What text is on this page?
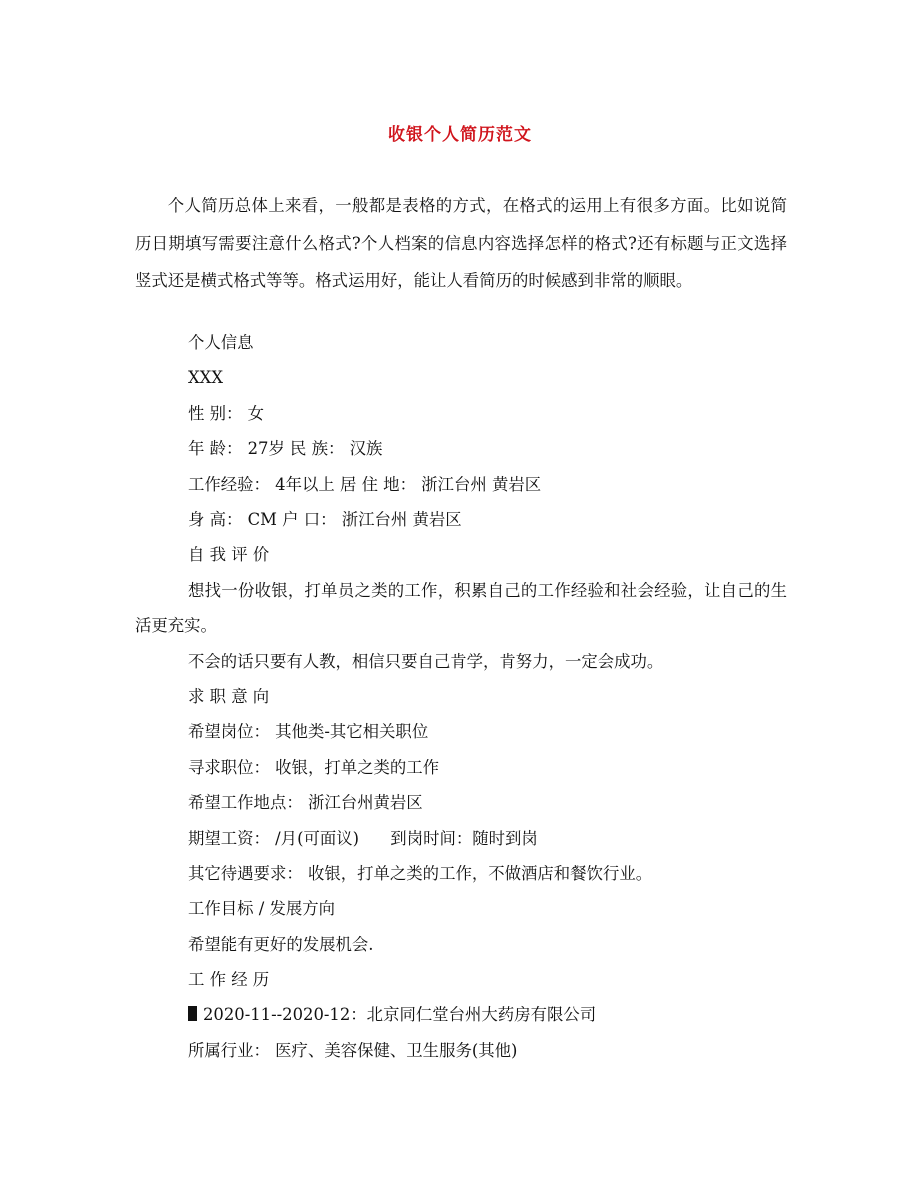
收银个人简历范文

个人简历总体上来看，一般都是表格的方式，在格式的运用上有很多方面。比如说简历日期填写需要注意什么格式?个人档案的信息内容选择怎样的格式?还有标题与正文选择竖式还是横式格式等等。格式运用好，能让人看简历的时候感到非常的顺眼。

个人信息
XXX
性 别： 女
年 龄： 27岁 民 族： 汉族
工作经验： 4年以上 居 住 地： 浙江台州 黄岩区
身 高： CM 户 口： 浙江台州 黄岩区
自 我 评 价

想找一份收银，打单员之类的工作，积累自己的工作经验和社会经验，让自己的生活更充实。

不会的话只要有人教，相信只要自己肯学，肯努力，一定会成功。
求 职 意 向
希望岗位： 其他类-其它相关职位
寻求职位： 收银，打单之类的工作
希望工作地点： 浙江台州黄岩区
期望工资： /月(可面议)      到岗时间：随时到岗
其它待遇要求： 收银，打单之类的工作，不做酒店和餐饮行业。
工作目标 / 发展方向
希望能有更好的发展机会.
工 作 经 历
2020-11--2020-12：北京同仁堂台州大药房有限公司
所属行业： 医疗、美容保健、卫生服务(其他)
